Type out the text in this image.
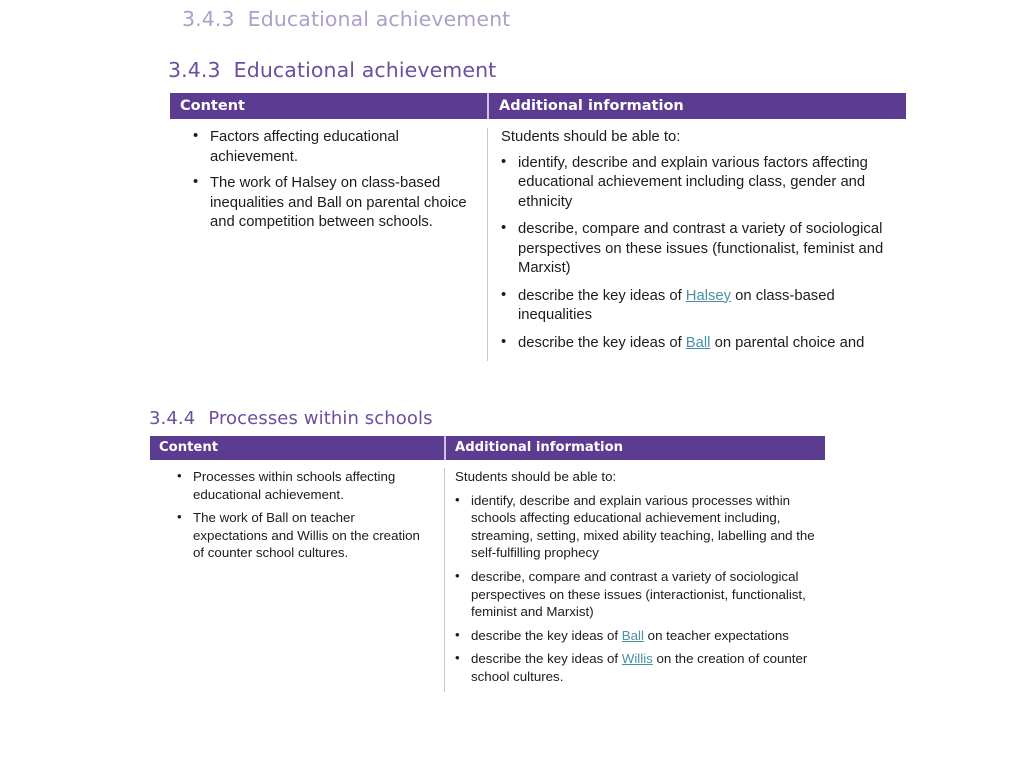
3.4.3 Educational achievement
3.4.3 Educational achievement
Content	Additional information
• Factors affecting educational achievement.
• The work of Halsey on class-based inequalities and Ball on parental choice and competition between schools.

Students should be able to:

• identify, describe and explain various factors affecting educational achievement including class, gender and ethnicity
• describe, compare and contrast a variety of sociological perspectives on these issues (functionalist, feminist and Marxist)
• describe the key ideas of Halsey on class-based inequalities
• describe the key ideas of Ball on parental choice and
3.4.4 Processes within schools
Content	Additional information
• Processes within schools affecting educational achievement.
• The work of Ball on teacher expectations and Willis on the creation of counter school cultures.

Students should be able to:

• identify, describe and explain various processes within schools affecting educational achievement including, streaming, setting, mixed ability teaching, labelling and the self-fulfilling prophecy
• describe, compare and contrast a variety of sociological perspectives on these issues (interactionist, functionalist, feminist and Marxist)
• describe the key ideas of Ball on teacher expectations
• describe the key ideas of Willis on the creation of counter school cultures.
